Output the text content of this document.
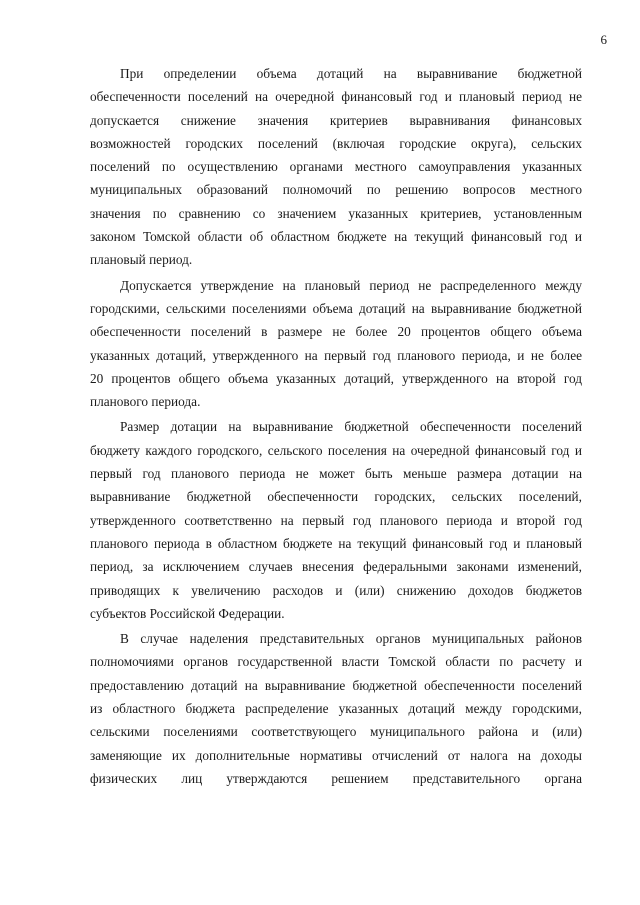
6
При определении объема дотаций на выравнивание бюджетной
обеспеченности поселений на очередной финансовый год и плановый период не
допускается снижение значения критериев выравнивания финансовых
возможностей городских поселений (включая городские округа), сельских
поселений по осуществлению органами местного самоуправления указанных
муниципальных образований полномочий по решению вопросов местного
значения по сравнению со значением указанных критериев, установленным
законом Томской области об областном бюджете на текущий финансовый год и
плановый период.
Допускается утверждение на плановый период не распределенного между
городскими, сельскими поселениями объема дотаций на выравнивание бюджетной
обеспеченности поселений в размере не более 20 процентов общего объема
указанных дотаций, утвержденного на первый год планового периода, и не более
20 процентов общего объема указанных дотаций, утвержденного на второй год
планового периода.
Размер дотации на выравнивание бюджетной обеспеченности поселений
бюджету каждого городского, сельского поселения на очередной финансовый год и
первый год планового периода не может быть меньше размера дотации на
выравнивание бюджетной обеспеченности городских, сельских поселений,
утвержденного соответственно на первый год планового периода и второй год
планового периода в областном бюджете на текущий финансовый год и плановый
период, за исключением случаев внесения федеральными законами изменений,
приводящих к увеличению расходов и (или) снижению доходов бюджетов
субъектов Российской Федерации.
В случае наделения представительных органов муниципальных районов
полномочиями органов государственной власти Томской области по расчету и
предоставлению дотаций на выравнивание бюджетной обеспеченности поселений
из областного бюджета распределение указанных дотаций между городскими,
сельскими поселениями соответствующего муниципального района и (или)
заменяющие их дополнительные нормативы отчислений от налога на доходы
физических лиц утверждаются решением представительного органа
